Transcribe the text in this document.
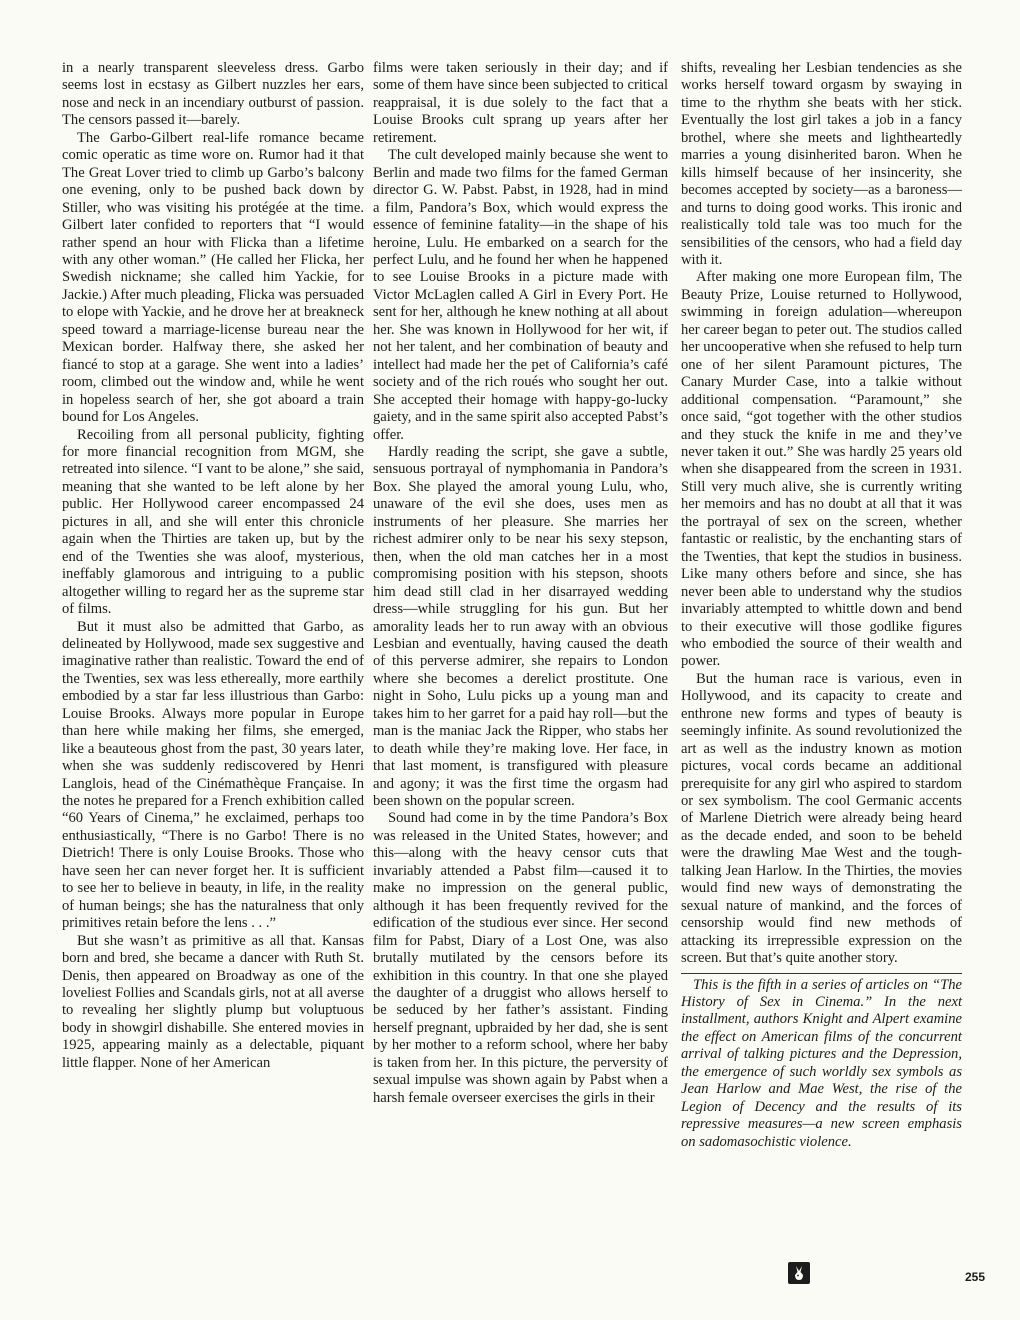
in a nearly transparent sleeveless dress. Garbo seems lost in ecstasy as Gilbert nuzzles her ears, nose and neck in an incendiary outburst of passion. The censors passed it—barely.

The Garbo-Gilbert real-life romance became comic operatic as time wore on. Rumor had it that The Great Lover tried to climb up Garbo’s balcony one evening, only to be pushed back down by Stiller, who was visiting his protégée at the time. Gilbert later confided to reporters that “I would rather spend an hour with Flicka than a lifetime with any other woman.” (He called her Flicka, her Swedish nickname; she called him Yackie, for Jackie.) After much pleading, Flicka was persuaded to elope with Yackie, and he drove her at breakneck speed toward a marriage-license bureau near the Mexican border. Halfway there, she asked her fiancé to stop at a garage. She went into a ladies’ room, climbed out the window and, while he went in hopeless search of her, she got aboard a train bound for Los Angeles.

Recoiling from all personal publicity, fighting for more financial recognition from MGM, she retreated into silence. “I vant to be alone,” she said, meaning that she wanted to be left alone by her public. Her Hollywood career encompassed 24 pictures in all, and she will enter this chronicle again when the Thirties are taken up, but by the end of the Twenties she was aloof, mysterious, ineffably glamorous and intriguing to a public altogether willing to regard her as the supreme star of films.

But it must also be admitted that Garbo, as delineated by Hollywood, made sex suggestive and imaginative rather than realistic. Toward the end of the Twenties, sex was less ethereally, more earthily embodied by a star far less illustrious than Garbo: Louise Brooks. Always more popular in Europe than here while making her films, she emerged, like a beauteous ghost from the past, 30 years later, when she was suddenly rediscovered by Henri Langlois, head of the Cinémathèque Française. In the notes he prepared for a French exhibition called “60 Years of Cinema,” he exclaimed, perhaps too enthusiastically, “There is no Garbo! There is no Dietrich! There is only Louise Brooks. Those who have seen her can never forget her. It is sufficient to see her to believe in beauty, in life, in the reality of human beings; she has the naturalness that only primitives retain before the lens . . .”

But she wasn’t as primitive as all that. Kansas born and bred, she became a dancer with Ruth St. Denis, then appeared on Broadway as one of the loveliest Follies and Scandals girls, not at all averse to revealing her slightly plump but voluptuous body in showgirl dishabille. She entered movies in 1925, appearing mainly as a delectable, piquant little flapper. None of her American

films were taken seriously in their day; and if some of them have since been subjected to critical reappraisal, it is due solely to the fact that a Louise Brooks cult sprang up years after her retirement.

The cult developed mainly because she went to Berlin and made two films for the famed German director G. W. Pabst. Pabst, in 1928, had in mind a film, Pandora’s Box, which would express the essence of feminine fatality—in the shape of his heroine, Lulu. He embarked on a search for the perfect Lulu, and he found her when he happened to see Louise Brooks in a picture made with Victor McLaglen called A Girl in Every Port. He sent for her, although he knew nothing at all about her. She was known in Hollywood for her wit, if not her talent, and her combination of beauty and intellect had made her the pet of California’s café society and of the rich roués who sought her out. She accepted their homage with happy-go-lucky gaiety, and in the same spirit also accepted Pabst’s offer.

Hardly reading the script, she gave a subtle, sensuous portrayal of nymphomania in Pandora’s Box. She played the amoral young Lulu, who, unaware of the evil she does, uses men as instruments of her pleasure. She marries her richest admirer only to be near his sexy stepson, then, when the old man catches her in a most compromising position with his stepson, shoots him dead still clad in her disarrayed wedding dress—while struggling for his gun. But her amorality leads her to run away with an obvious Lesbian and eventually, having caused the death of this perverse admirer, she repairs to London where she becomes a derelict prostitute. One night in Soho, Lulu picks up a young man and takes him to her garret for a paid hay roll—but the man is the maniac Jack the Ripper, who stabs her to death while they’re making love. Her face, in that last moment, is transfigured with pleasure and agony; it was the first time the orgasm had been shown on the popular screen.

Sound had come in by the time Pandora’s Box was released in the United States, however; and this—along with the heavy censor cuts that invariably attended a Pabst film—caused it to make no impression on the general public, although it has been frequently revived for the edification of the studious ever since. Her second film for Pabst, Diary of a Lost One, was also brutally mutilated by the censors before its exhibition in this country. In that one she played the daughter of a druggist who allows herself to be seduced by her father’s assistant. Finding herself pregnant, upbraided by her dad, she is sent by her mother to a reform school, where her baby is taken from her. In this picture, the perversity of sexual impulse was shown again by Pabst when a harsh female overseer exercises the girls in their

shifts, revealing her Lesbian tendencies as she works herself toward orgasm by swaying in time to the rhythm she beats with her stick. Eventually the lost girl takes a job in a fancy brothel, where she meets and lightheartedly marries a young disinherited baron. When he kills himself because of her insincerity, she becomes accepted by society—as a baroness—and turns to doing good works. This ironic and realistically told tale was too much for the sensibilities of the censors, who had a field day with it.

After making one more European film, The Beauty Prize, Louise returned to Hollywood, swimming in foreign adulation—whereupon her career began to peter out. The studios called her uncooperative when she refused to help turn one of her silent Paramount pictures, The Canary Murder Case, into a talkie without additional compensation. “Paramount,” she once said, “got together with the other studios and they stuck the knife in me and they’ve never taken it out.” She was hardly 25 years old when she disappeared from the screen in 1931. Still very much alive, she is currently writing her memoirs and has no doubt at all that it was the portrayal of sex on the screen, whether fantastic or realistic, by the enchanting stars of the Twenties, that kept the studios in business. Like many others before and since, she has never been able to understand why the studios invariably attempted to whittle down and bend to their executive will those godlike figures who embodied the source of their wealth and power.

But the human race is various, even in Hollywood, and its capacity to create and enthrone new forms and types of beauty is seemingly infinite. As sound revolutionized the art as well as the industry known as motion pictures, vocal cords became an additional prerequisite for any girl who aspired to stardom or sex symbolism. The cool Germanic accents of Marlene Dietrich were already being heard as the decade ended, and soon to be beheld were the drawling Mae West and the tough-talking Jean Harlow. In the Thirties, the movies would find new ways of demonstrating the sexual nature of mankind, and the forces of censorship would find new methods of attacking its irrepressible expression on the screen. But that’s quite another story.

This is the fifth in a series of articles on “The History of Sex in Cinema.” In the next installment, authors Knight and Alpert examine the effect on American films of the concurrent arrival of talking pictures and the Depression, the emergence of such worldly sex symbols as Jean Harlow and Mae West, the rise of the Legion of Decency and the results of its repressive measures—a new screen emphasis on sadomasochistic violence.

255
